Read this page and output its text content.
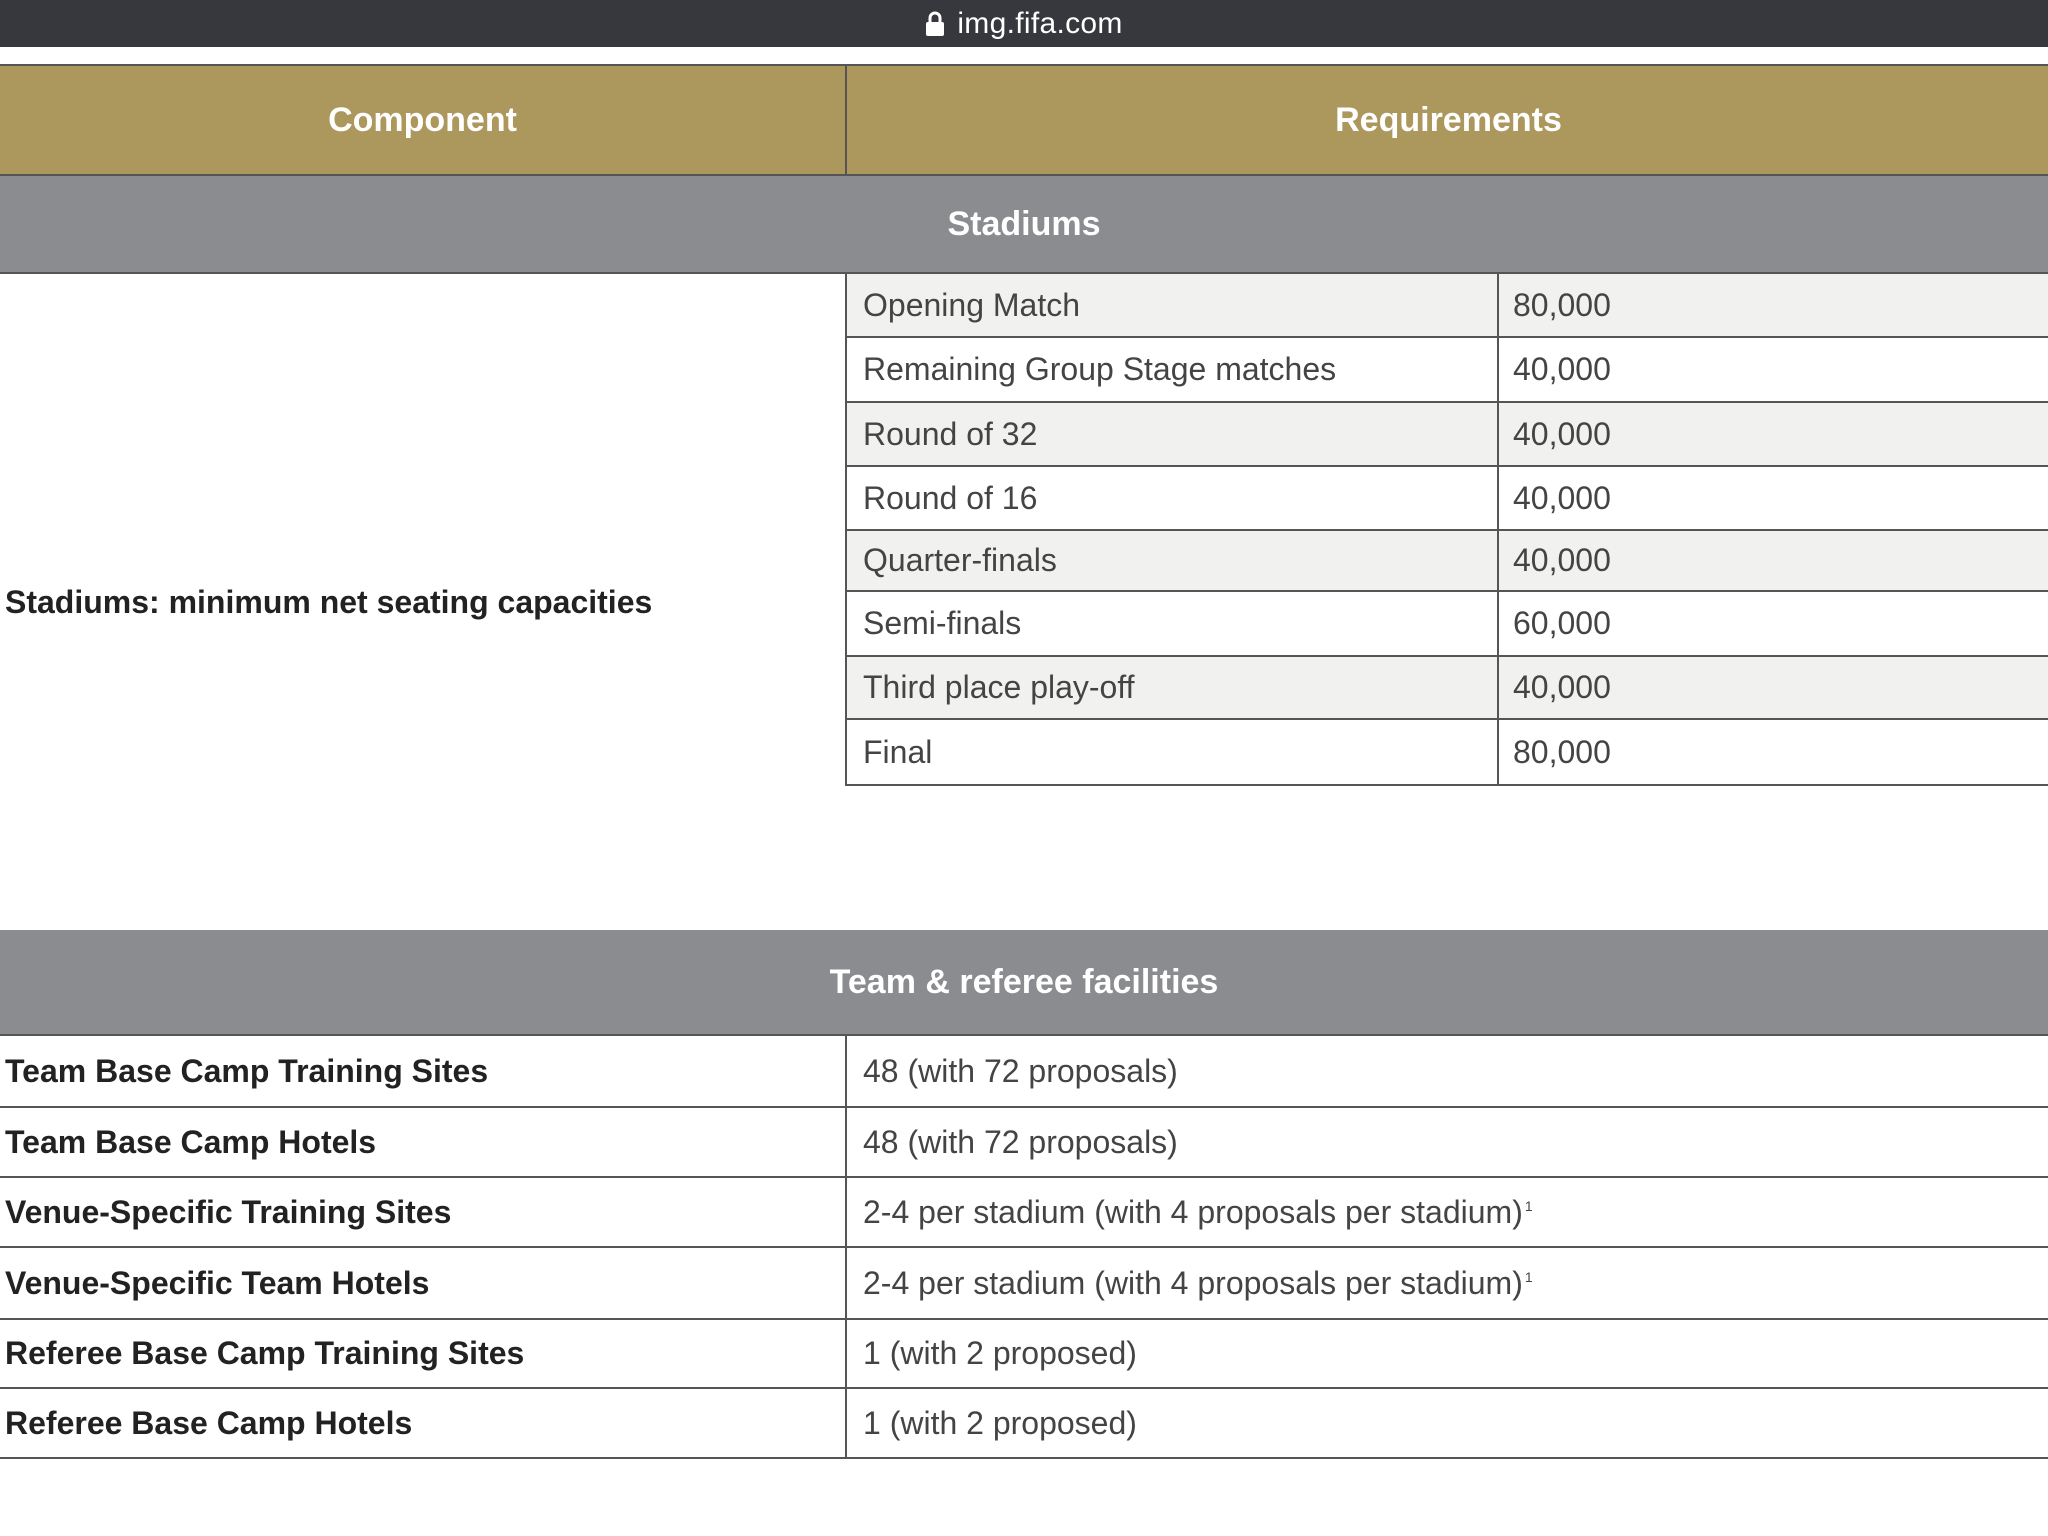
img.fifa.com
Component	Requirements
Stadiums
Stadiums: minimum net seating capacities
Opening Match	80,000
Remaining Group Stage matches	40,000
Round of 32	40,000
Round of 16	40,000
Quarter-finals	40,000
Semi-finals	60,000
Third place play-off	40,000
Final	80,000
Team & referee facilities
Team Base Camp Training Sites	48 (with 72 proposals)
Team Base Camp Hotels	48 (with 72 proposals)
Venue-Specific Training Sites	2-4 per stadium (with 4 proposals per stadium)$^1$
Venue-Specific Team Hotels	2-4 per stadium (with 4 proposals per stadium)$^1$
Referee Base Camp Training Sites	1 (with 2 proposed)
Referee Base Camp Hotels	1 (with 2 proposed)
